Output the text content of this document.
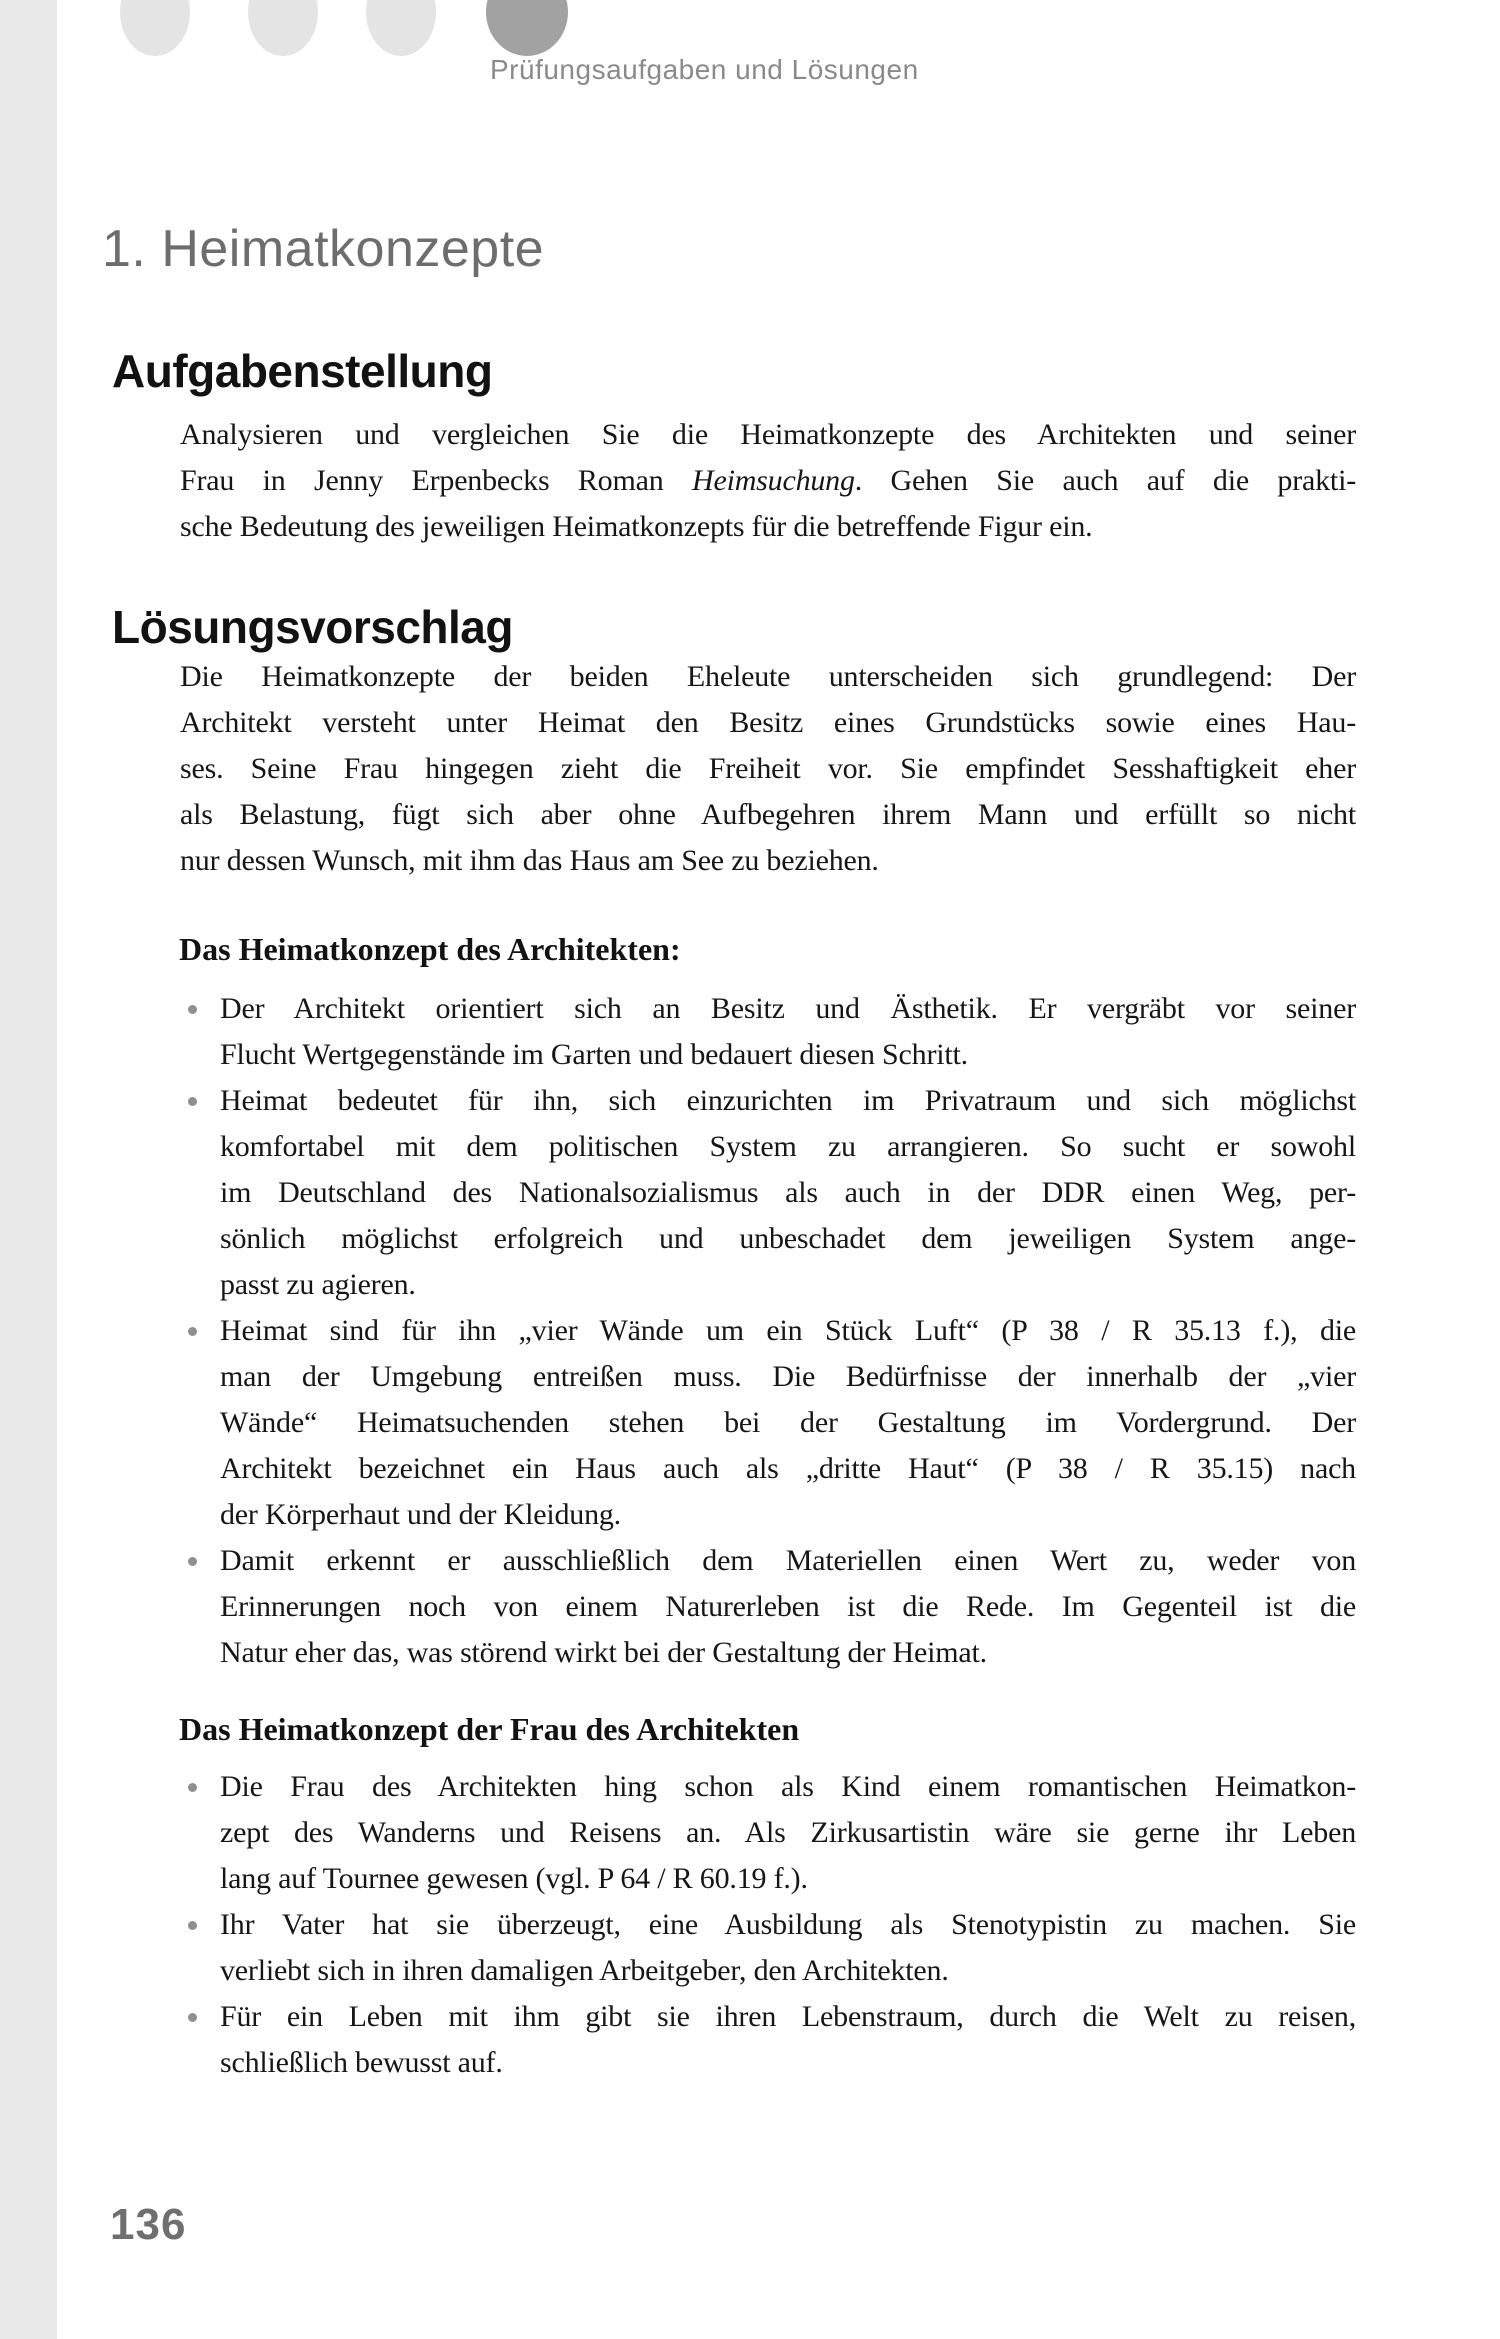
Prüfungsaufgaben und Lösungen
1. Heimatkonzepte
Aufgabenstellung
Analysieren und vergleichen Sie die Heimatkonzepte des Architekten und seiner
Frau in Jenny Erpenbecks Roman Heimsuchung. Gehen Sie auch auf die prakti-
sche Bedeutung des jeweiligen Heimatkonzepts für die betreffende Figur ein.
Lösungsvorschlag
Die Heimatkonzepte der beiden Eheleute unterscheiden sich grundlegend: Der
Architekt versteht unter Heimat den Besitz eines Grundstücks sowie eines Hau-
ses. Seine Frau hingegen zieht die Freiheit vor. Sie empfindet Sesshaftigkeit eher
als Belastung, fügt sich aber ohne Aufbegehren ihrem Mann und erfüllt so nicht
nur dessen Wunsch, mit ihm das Haus am See zu beziehen.
Das Heimatkonzept des Architekten:
Der Architekt orientiert sich an Besitz und Ästhetik. Er vergräbt vor seiner
Flucht Wertgegenstände im Garten und bedauert diesen Schritt.
Heimat bedeutet für ihn, sich einzurichten im Privatraum und sich möglichst
komfortabel mit dem politischen System zu arrangieren. So sucht er sowohl
im Deutschland des Nationalsozialismus als auch in der DDR einen Weg, per-
sönlich möglichst erfolgreich und unbeschadet dem jeweiligen System ange-
passt zu agieren.
Heimat sind für ihn „vier Wände um ein Stück Luft“ (P 38 / R 35.13 f.), die
man der Umgebung entreißen muss. Die Bedürfnisse der innerhalb der „vier
Wände“ Heimatsuchenden stehen bei der Gestaltung im Vordergrund. Der
Architekt bezeichnet ein Haus auch als „dritte Haut“ (P 38 / R 35.15) nach
der Körperhaut und der Kleidung.
Damit erkennt er ausschließlich dem Materiellen einen Wert zu, weder von
Erinnerungen noch von einem Naturerleben ist die Rede. Im Gegenteil ist die
Natur eher das, was störend wirkt bei der Gestaltung der Heimat.
Das Heimatkonzept der Frau des Architekten
Die Frau des Architekten hing schon als Kind einem romantischen Heimatkon-
zept des Wanderns und Reisens an. Als Zirkusartistin wäre sie gerne ihr Leben
lang auf Tournee gewesen (vgl. P 64 / R 60.19 f.).
Ihr Vater hat sie überzeugt, eine Ausbildung als Stenotypistin zu machen. Sie
verliebt sich in ihren damaligen Arbeitgeber, den Architekten.
Für ein Leben mit ihm gibt sie ihren Lebenstraum, durch die Welt zu reisen,
schließlich bewusst auf.
136
